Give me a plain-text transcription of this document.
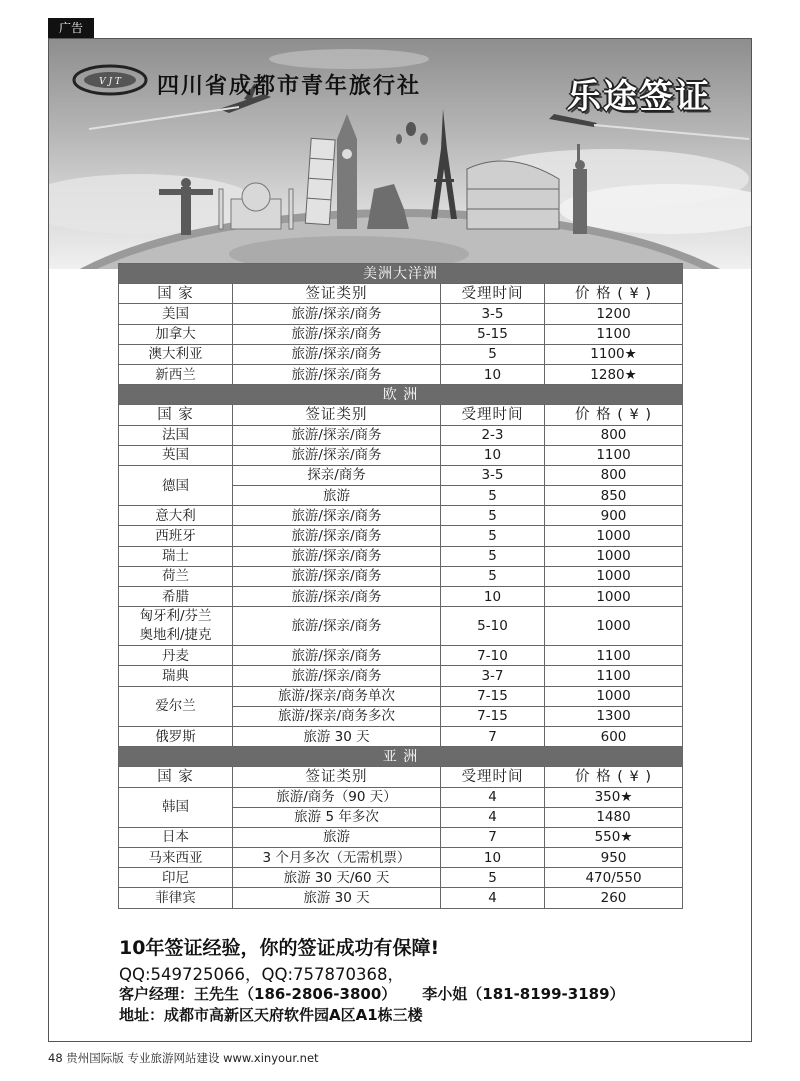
广告
V J T 四川省成都市青年旅行社	乐途签证
美洲大洋洲			
国 家	签证类别	受理时间	价 格 ( ¥ )
美国	旅游/探亲/商务	3-5	1200
加拿大	旅游/探亲/商务	5-15	1100
澳大利亚	旅游/探亲/商务	5	1100★
新西兰	旅游/探亲/商务	10	1280★
欧 洲			
国 家	签证类别	受理时间	价 格 ( ¥ )
法国	旅游/探亲/商务	2-3	800
英国	旅游/探亲/商务	10	1100
德国	探亲/商务	3-5	800
	旅游	5	850
意大利	旅游/探亲/商务	5	900
西班牙	旅游/探亲/商务	5	1000
瑞士	旅游/探亲/商务	5	1000
荷兰	旅游/探亲/商务	5	1000
希腊	旅游/探亲/商务	10	1000

匈牙利/芬兰
奥地利/捷克	旅游/探亲/商务	5-10	1000
丹麦	旅游/探亲/商务	7-10	1100
瑞典	旅游/探亲/商务	3-7	1100
爱尔兰	旅游/探亲/商务单次	7-15	1000
	旅游/探亲/商务多次	7-15	1300
俄罗斯	旅游 30 天	7	600
亚 洲			
国 家	签证类别	受理时间	价 格 ( ¥ )
韩国	旅游/商务（90 天）	4	350★
	旅游 5 年多次	4	1480
日本	旅游	7	550★
马来西亚	3 个月多次（无需机票）	10	950
印尼	旅游 30 天/60 天	5	470/550
菲律宾	旅游 30 天	4	260
10年签证经验，你的签证成功有保障!
QQ:549725066，QQ:757870368，
客户经理：王先生（186-2806-3800） 李小姐（181-8199-3189）
地址：成都市高新区天府软件园A区A1栋三楼
48 贵州国际版 专业旅游网站建设 www.xinyour.net
